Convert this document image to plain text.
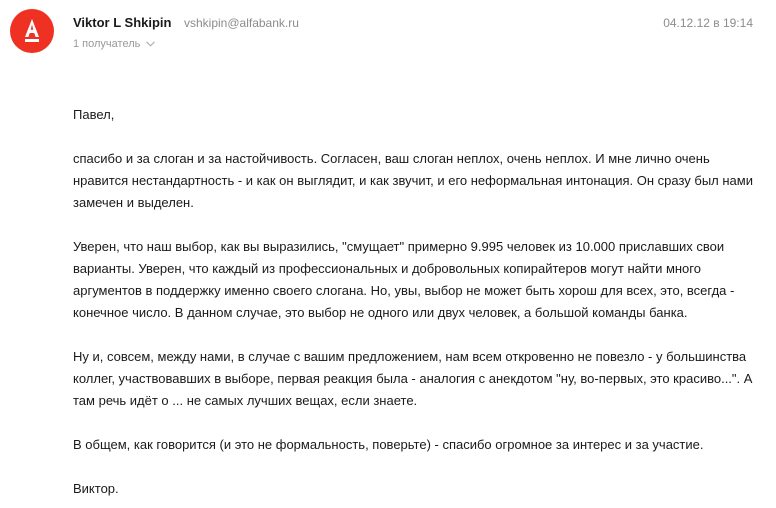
Viktor L Shkipin vshkipin@alfabank.ru	04.12.12 в 19:14
1 получатель

Павел,

спасибо и за слоган и за настойчивость. Согласен, ваш слоган неплох, очень неплох. И мне лично очень нравится нестандартность - и как он выглядит, и как звучит, и его неформальная интонация. Он сразу был нами замечен и выделен.

Уверен, что наш выбор, как вы выразились, "смущает" примерно 9.995 человек из 10.000 приславших свои варианты. Уверен, что каждый из профессиональных и добровольных копирайтеров могут найти много аргументов в поддержку именно своего слогана. Но, увы, выбор не может быть хорош для всех, это, всегда - конечное число. В данном случае, это выбор не одного или двух человек, а большой команды банка.

Ну и, совсем, между нами, в случае с вашим предложением, нам всем откровенно не повезло - у большинства коллег, участвовавших в выборе, первая реакция была - аналогия с анекдотом "ну, во-первых, это красиво...". А там речь идёт о ... не самых лучших вещах, если знаете.

В общем, как говорится (и это не формальность, поверьте) - спасибо огромное за интерес и за участие.

Виктор.
